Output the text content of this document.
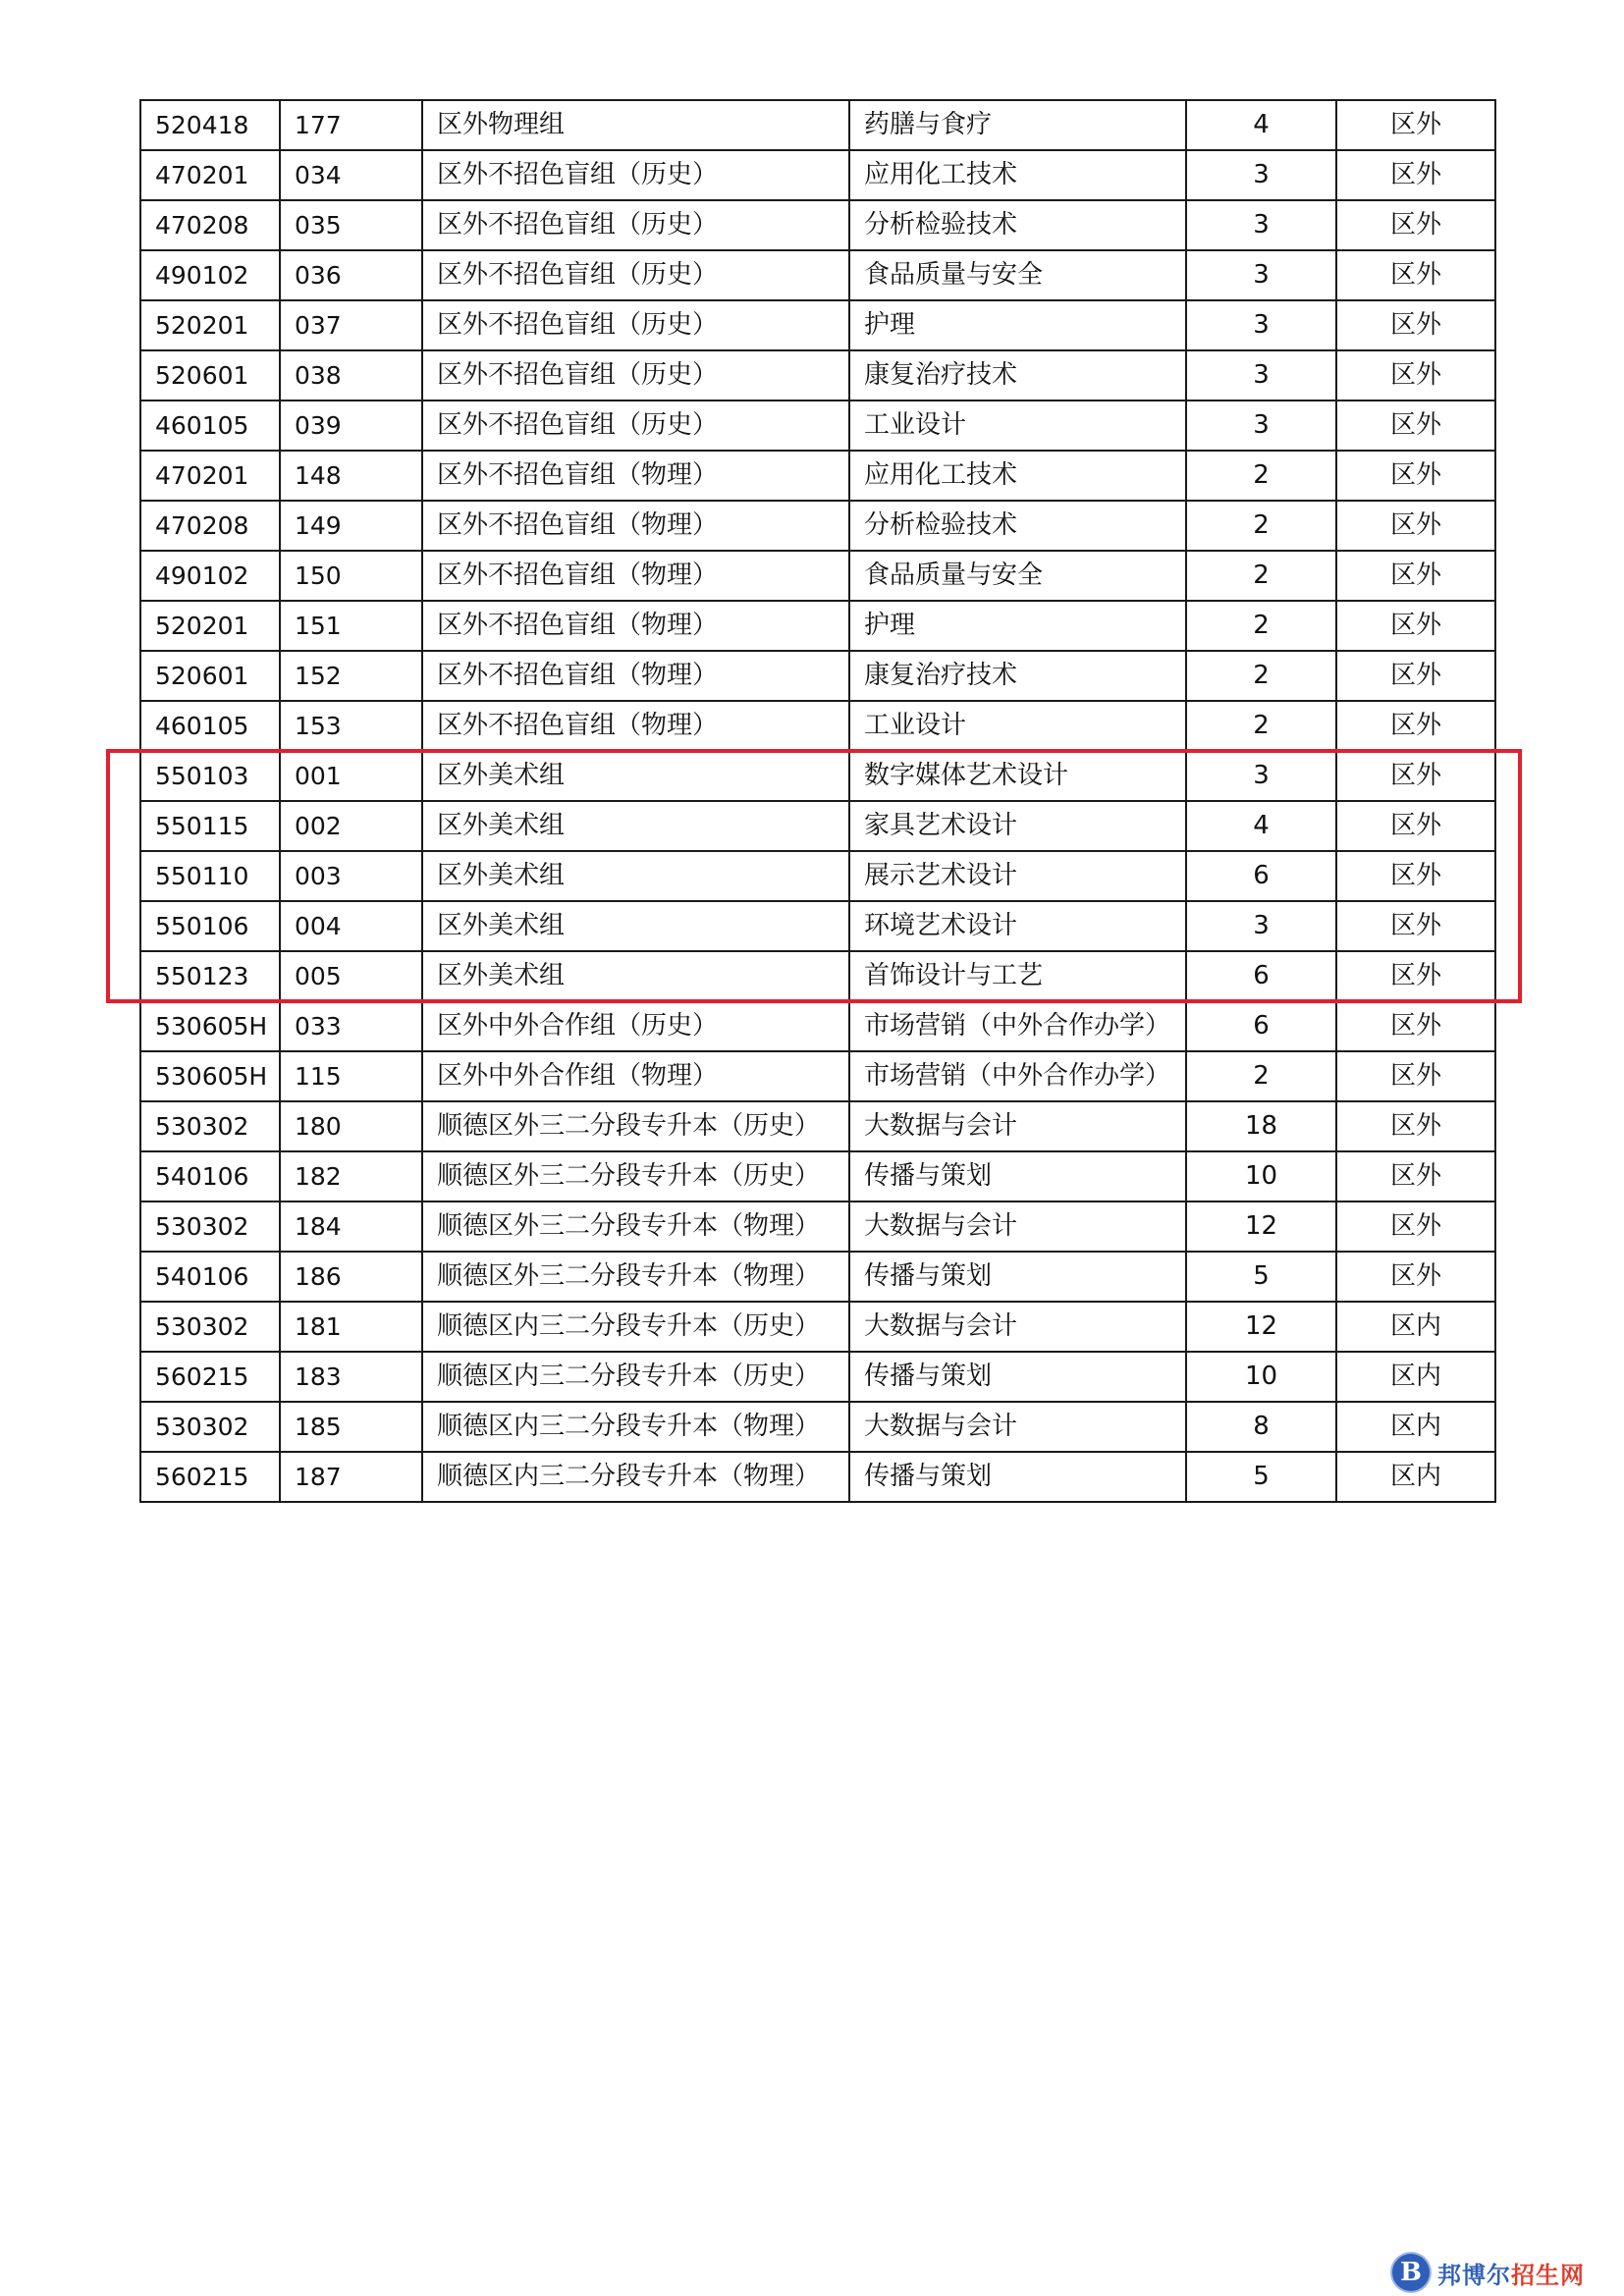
520418	177	区外物理组	药膳与食疗	4	区外
470201	034	区外不招色盲组（历史）	应用化工技术	3	区外
470208	035	区外不招色盲组（历史）	分析检验技术	3	区外
490102	036	区外不招色盲组（历史）	食品质量与安全	3	区外
520201	037	区外不招色盲组（历史）	护理	3	区外
520601	038	区外不招色盲组（历史）	康复治疗技术	3	区外
460105	039	区外不招色盲组（历史）	工业设计	3	区外
470201	148	区外不招色盲组（物理）	应用化工技术	2	区外
470208	149	区外不招色盲组（物理）	分析检验技术	2	区外
490102	150	区外不招色盲组（物理）	食品质量与安全	2	区外
520201	151	区外不招色盲组（物理）	护理	2	区外
520601	152	区外不招色盲组（物理）	康复治疗技术	2	区外
460105	153	区外不招色盲组（物理）	工业设计	2	区外
550103	001	区外美术组	数字媒体艺术设计	3	区外
550115	002	区外美术组	家具艺术设计	4	区外
550110	003	区外美术组	展示艺术设计	6	区外
550106	004	区外美术组	环境艺术设计	3	区外
550123	005	区外美术组	首饰设计与工艺	6	区外
530605H	033	区外中外合作组（历史）	市场营销（中外合作办学）	6	区外
530605H	115	区外中外合作组（物理）	市场营销（中外合作办学）	2	区外
530302	180	顺德区外三二分段专升本（历史）	大数据与会计	18	区外
540106	182	顺德区外三二分段专升本（历史）	传播与策划	10	区外
530302	184	顺德区外三二分段专升本（物理）	大数据与会计	12	区外
540106	186	顺德区外三二分段专升本（物理）	传播与策划	5	区外
530302	181	顺德区内三二分段专升本（历史）	大数据与会计	12	区内
560215	183	顺德区内三二分段专升本（历史）	传播与策划	10	区内
530302	185	顺德区内三二分段专升本（物理）	大数据与会计	8	区内
560215	187	顺德区内三二分段专升本（物理）	传播与策划	5	区内
B 邦博尔招生网
